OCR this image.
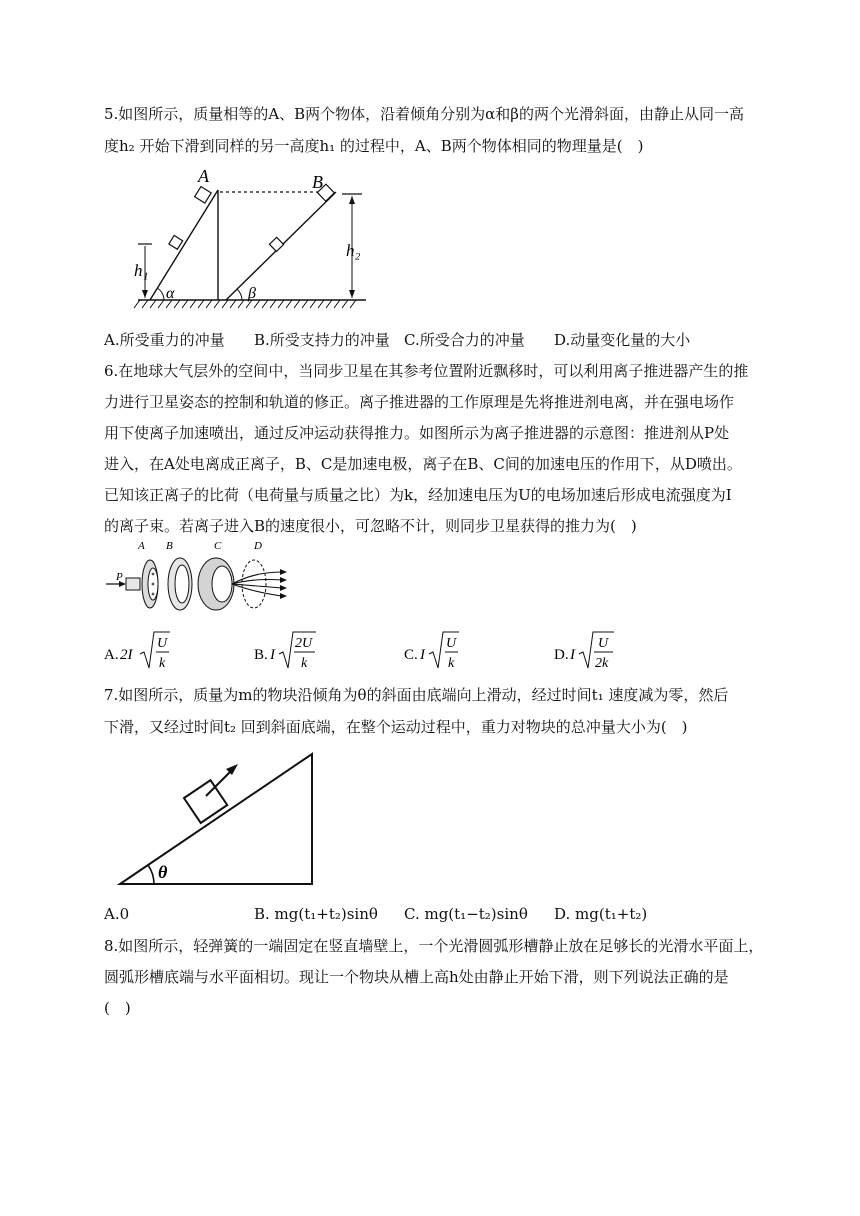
5.如图所示，质量相等的A、B两个物体，沿着倾角分别为α和β的两个光滑斜面，由静止从同一高
度h₂ 开始下滑到同样的另一高度h₁ 的过程中，A、B两个物体相同的物理量是(　)
A	B
h₁
h₂
α	β
A.所受重力的冲量 B.所受支持力的冲量 C.所受合力的冲量 D.动量变化量的大小
6.在地球大气层外的空间中，当同步卫星在其参考位置附近飘移时，可以利用离子推进器产生的推
力进行卫星姿态的控制和轨道的修正。离子推进器的工作原理是先将推进剂电离，并在强电场作
用下使离子加速喷出，通过反冲运动获得推力。如图所示为离子推进器的示意图：推进剂从P处
进入，在A处电离成正离子，B、C是加速电极，离子在B、C间的加速电压的作用下，从D喷出。
已知该正离子的比荷（电荷量与质量之比）为k，经加速电压为U的电场加速后形成电流强度为I
的离子束。若离子进入B的速度很小，可忽略不计，则同步卫星获得的推力为(　)
P
A B	C	D
A. 2I
U
k
B. I
2U
k
C. I
U
k
D. I
U
2k
7.如图所示，质量为m的物块沿倾角为θ的斜面由底端向上滑动，经过时间t₁ 速度减为零，然后
下滑，又经过时间t₂ 回到斜面底端，在整个运动过程中，重力对物块的总冲量大小为(　)
θ
A.0	B. mg(t₁+t₂)sinθ C. mg(t₁−t₂)sinθ D. mg(t₁+t₂)
8.如图所示，轻弹簧的一端固定在竖直墙壁上，一个光滑圆弧形槽静止放在足够长的光滑水平面上，
圆弧形槽底端与水平面相切。现让一个物块从槽上高h处由静止开始下滑，则下列说法正确的是
(　)
